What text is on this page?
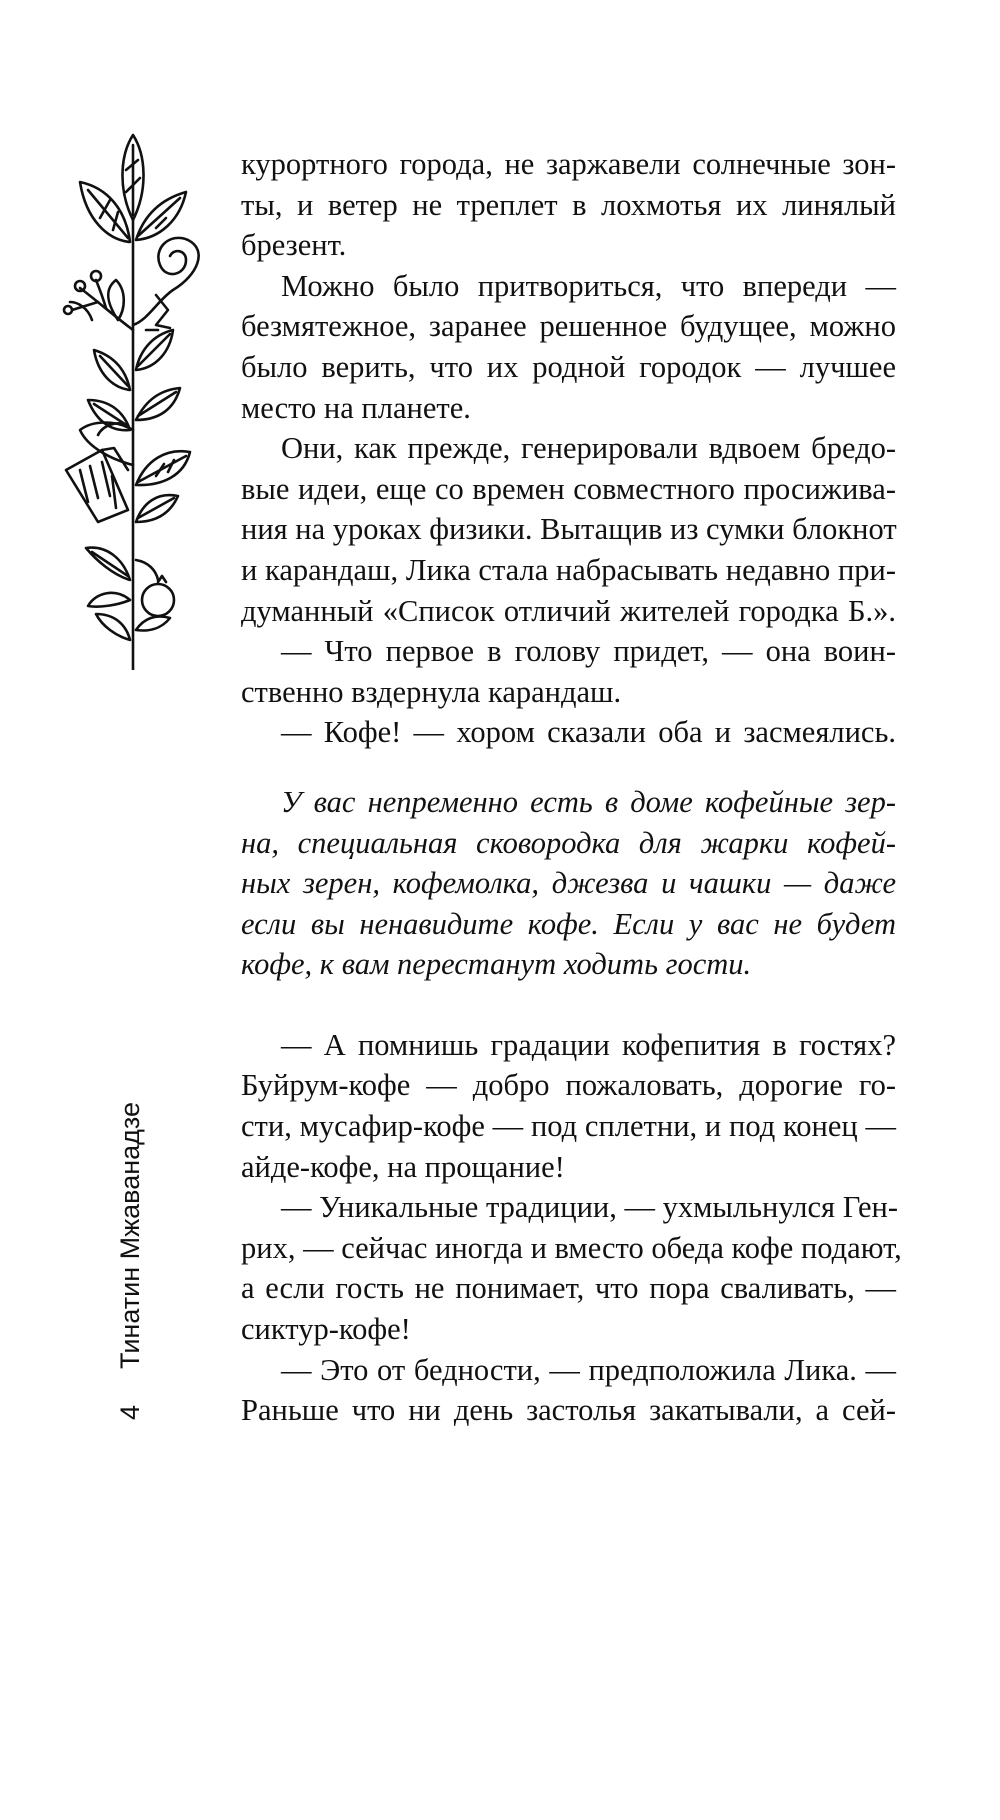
4Тинатин Мжаванадзе
курортного города, не заржавели солнечные зон-
ты, и ветер не треплет в лохмотья их линялый
брезент.
Можно было притвориться, что впереди —
безмятежное, заранее решенное будущее, можно
было верить, что их родной городок — лучшее
место на планете.
Они, как прежде, генерировали вдвоем бредо-
вые идеи, еще со времен совместного просижива-
ния на уроках физики. Вытащив из сумки блокнот
и карандаш, Лика стала набрасывать недавно при-
думанный «Список отличий жителей городка Б.».
— Что первое в голову придет, — она воин-
ственно вздернула карандаш.
— Кофе! — хором сказали оба и засмеялись.
У вас непременно есть в доме кофейные зер-
на, специальная сковородка для жарки кофей-
ных зерен, кофемолка, джезва и чашки — даже
если вы ненавидите кофе. Если у вас не будет
кофе, к вам перестанут ходить гости.
— А помнишь градации кофепития в гостях?
Буйрум-кофе — добро пожаловать, дорогие го-
сти, мусафир-кофе — под сплетни, и под конец —
айде-кофе, на прощание!
— Уникальные традиции, — ухмыльнулся Ген-
рих, — сейчас иногда и вместо обеда кофе подают,
а если гость не понимает, что пора сваливать, —
сиктур-кофе!
— Это от бедности, — предположила Лика. —
Раньше что ни день застолья закатывали, а сей-
